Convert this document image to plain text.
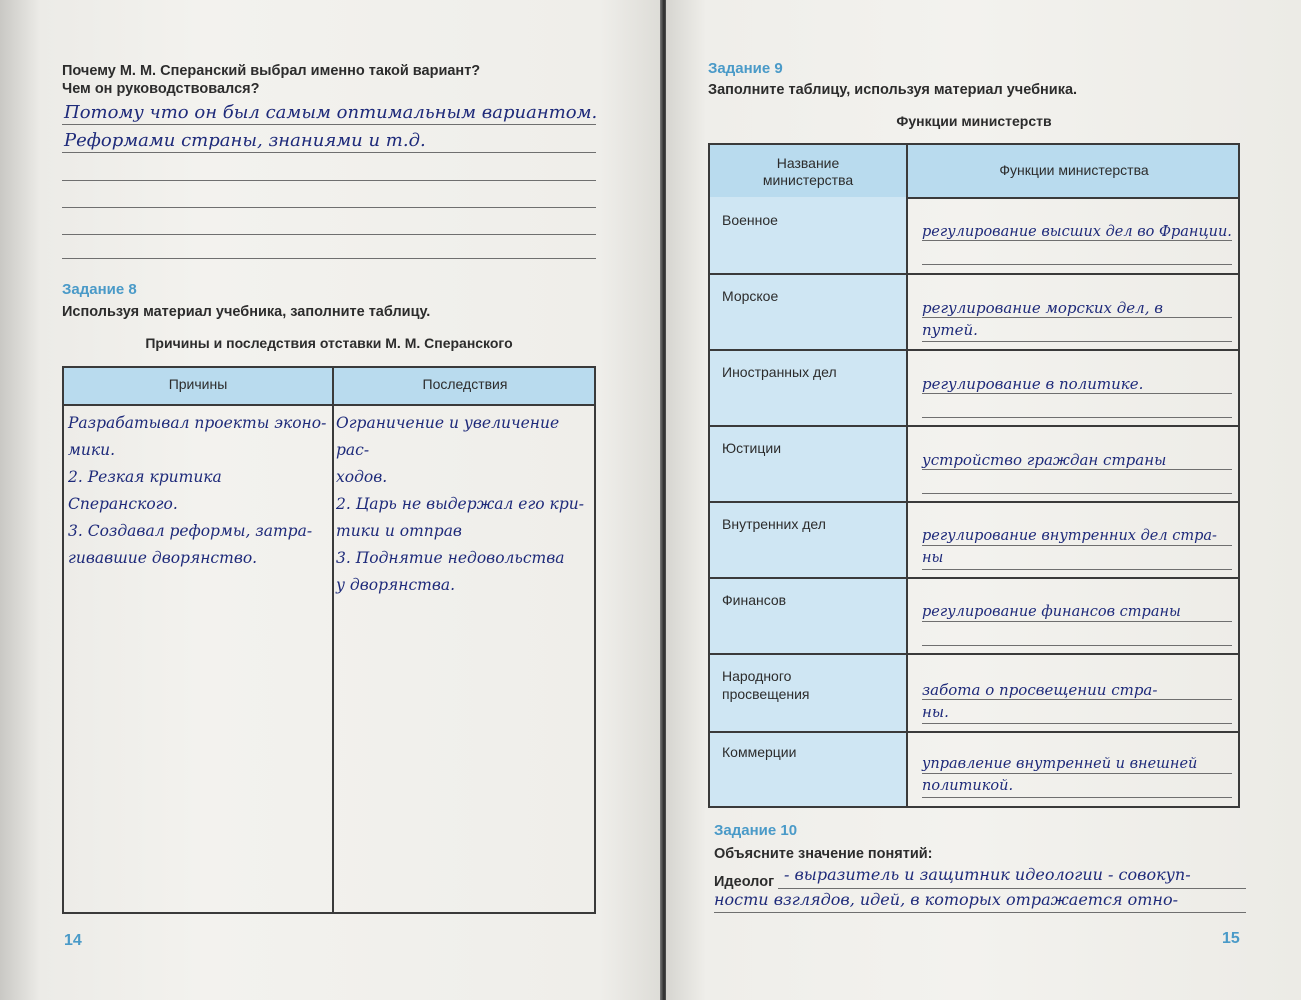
Почему М. М. Сперанский выбрал именно такой вариант?
Чем он руководствовался?
Потому что он был самым оптимальным вариантом.
Реформами страны, знаниями и т.д.
Задание 8
Используя материал учебника, заполните таблицу.
Причины и последствия отставки М. М. Сперанского
Причины	Последствия
Разрабатывал проекты эконо-
мики.
2. Резкая критика Сперанского.
3. Создавал реформы, затра-
гивавшие дворянство.
Ограничение и увеличение рас-
ходов.
2. Царь не выдержал его кри-
тики и отправ
3. Поднятие недовольства
у дворянства.
14
Задание 9
Заполните таблицу, используя материал учебника.
Функции министерств
Название
министерства
Функции министерства
Военное
Морское
Иностранных дел
Юстиции
Внутренних дел
Финансов
Народного
просвещения
Коммерции
регулирование высших дел во Франции.
регулирование морских дел, в
путей.
регулирование в политике.
устройство граждан страны
регулирование внутренних дел стра-
ны
регулирование финансов страны
забота о просвещении стра-
ны.
управление внутренней и внешней
политикой.
Задание 10
Объясните значение понятий:
Идеолог - выразитель и защитник идеологии - совокуп-
ности взглядов, идей, в которых отражается отно-
15
